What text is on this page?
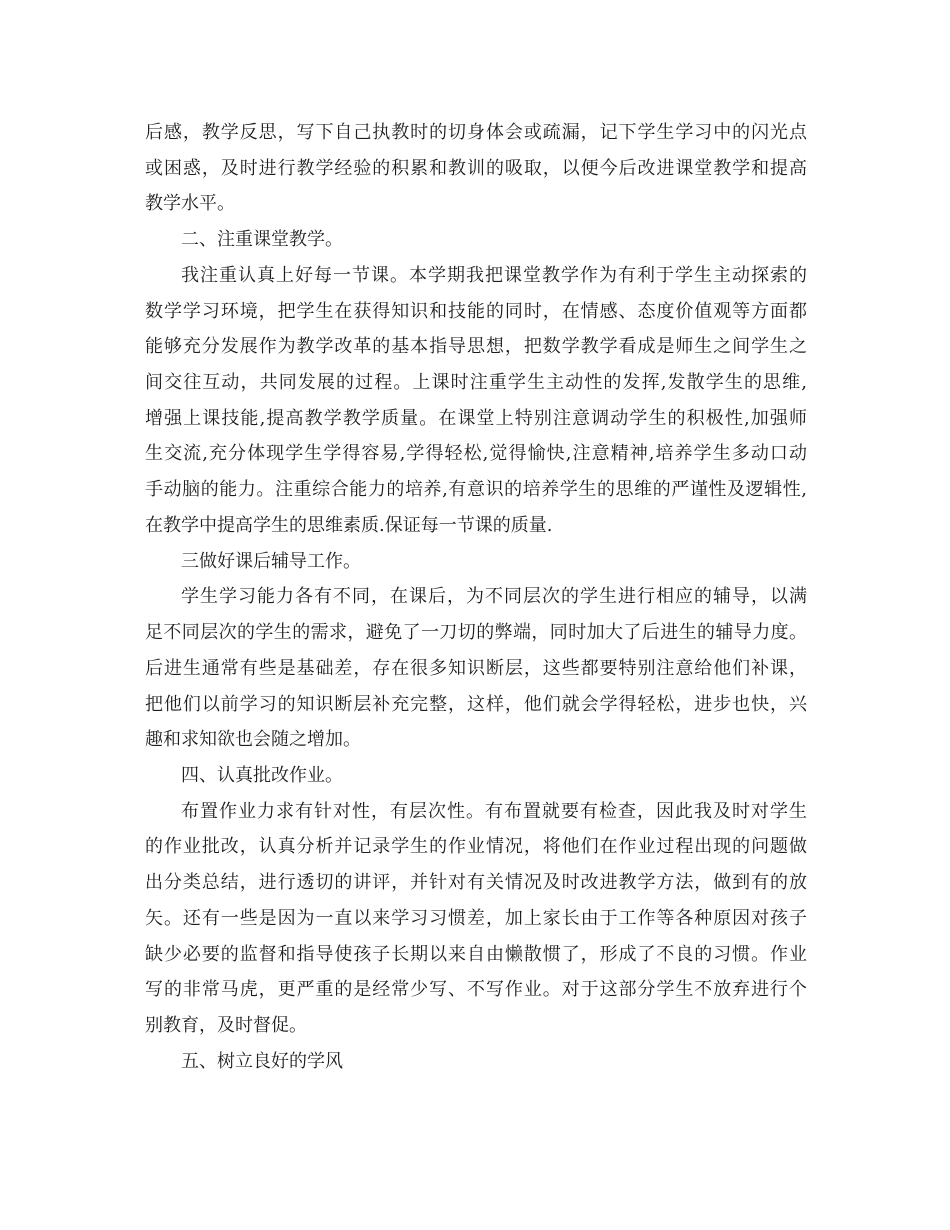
后感，教学反思，写下自己执教时的切身体会或疏漏，记下学生学习中的闪光点
或困惑，及时进行教学经验的积累和教训的吸取，以便今后改进课堂教学和提高
教学水平。
二、注重课堂教学。
我注重认真上好每一节课。本学期我把课堂教学作为有利于学生主动探索的
数学学习环境，把学生在获得知识和技能的同时，在情感、态度价值观等方面都
能够充分发展作为教学改革的基本指导思想，把数学教学看成是师生之间学生之
间交往互动，共同发展的过程。上课时注重学生主动性的发挥,发散学生的思维,
增强上课技能,提高教学教学质量。在课堂上特别注意调动学生的积极性,加强师
生交流,充分体现学生学得容易,学得轻松,觉得愉快,注意精神,培养学生多动口动
手动脑的能力。注重综合能力的培养,有意识的培养学生的思维的严谨性及逻辑性,
在教学中提高学生的思维素质.保证每一节课的质量.
三做好课后辅导工作。
学生学习能力各有不同，在课后，为不同层次的学生进行相应的辅导，以满
足不同层次的学生的需求，避免了一刀切的弊端，同时加大了后进生的辅导力度。
后进生通常有些是基础差，存在很多知识断层，这些都要特别注意给他们补课，
把他们以前学习的知识断层补充完整，这样，他们就会学得轻松，进步也快，兴
趣和求知欲也会随之增加。
四、认真批改作业。
布置作业力求有针对性，有层次性。有布置就要有检查，因此我及时对学生
的作业批改，认真分析并记录学生的作业情况，将他们在作业过程出现的问题做
出分类总结，进行透切的讲评，并针对有关情况及时改进教学方法，做到有的放
矢。还有一些是因为一直以来学习习惯差，加上家长由于工作等各种原因对孩子
缺少必要的监督和指导使孩子长期以来自由懒散惯了，形成了不良的习惯。作业
写的非常马虎，更严重的是经常少写、不写作业。对于这部分学生不放弃进行个
别教育，及时督促。
五、树立良好的学风
